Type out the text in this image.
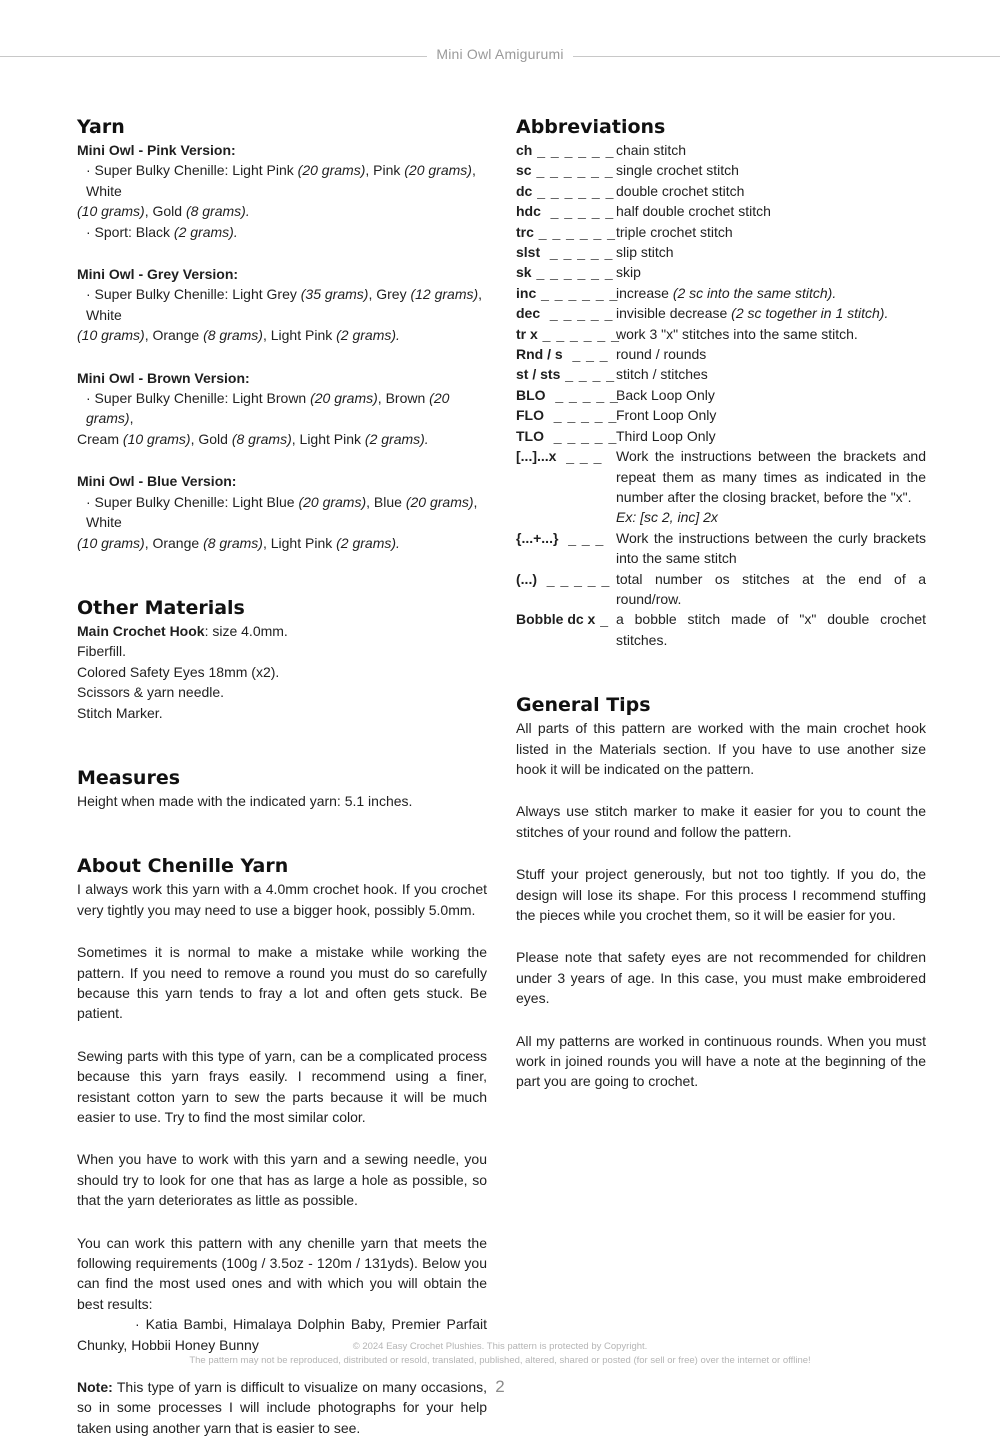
Mini Owl Amigurumi
Yarn

Mini Owl - Pink Version:

· Super Bulky Chenille: Light Pink (20 grams), Pink (20 grams), White

(10 grams), Gold (8 grams).

· Sport: Black (2 grams).

Mini Owl - Grey Version:

· Super Bulky Chenille: Light Grey (35 grams), Grey (12 grams), White

(10 grams), Orange (8 grams), Light Pink (2 grams).

Mini Owl - Brown Version:

· Super Bulky Chenille: Light Brown (20 grams), Brown (20 grams),

Cream (10 grams), Gold (8 grams), Light Pink (2 grams).

Mini Owl - Blue Version:

· Super Bulky Chenille: Light Blue (20 grams), Blue (20 grams), White

(10 grams), Orange (8 grams), Light Pink (2 grams).

Other Materials

Main Crochet Hook: size 4.0mm.

Fiberfill.

Colored Safety Eyes 18mm (x2).

Scissors & yarn needle.

Stitch Marker.

Measures

Height when made with the indicated yarn: 5.1 inches.

About Chenille Yarn

I always work this yarn with a 4.0mm crochet hook. If you crochet very tightly you may need to use a bigger hook, possibly 5.0mm.

Sometimes it is normal to make a mistake while working the pattern. If you need to remove a round you must do so carefully because this yarn tends to fray a lot and often gets stuck. Be patient.

Sewing parts with this type of yarn, can be a complicated process because this yarn frays easily. I recommend using a finer, resistant cotton yarn to sew the parts because it will be much easier to use. Try to find the most similar color.

When you have to work with this yarn and a sewing needle, you should try to look for one that has as large a hole as possible, so that the yarn deteriorates as little as possible.

You can work this pattern with any chenille yarn that meets the following requirements (100g / 3.5oz - 120m / 131yds). Below you can find the most used ones and with which you will obtain the best results:

· Katia Bambi, Himalaya Dolphin Baby, Premier Parfait Chunky, Hobbii Honey Bunny

Note: This type of yarn is difficult to visualize on many occasions, so in some processes I will include photographs for your help taken using another yarn that is easier to see.

Abbreviations
ch _ _ _ _ _ _
chain stitch
sc _ _ _ _ _ _
single crochet stitch
dc _ _ _ _ _ _
double crochet stitch
hdc  _ _ _ _ _
half double crochet stitch
trc _ _ _ _ _ _
triple crochet stitch
slst  _ _ _ _ _
slip stitch
sk _ _ _ _ _ _
skip
inc _ _ _ _ _ _
increase (2 sc into the same stitch).
dec  _ _ _ _ _
invisible decrease (2 sc together in 1 stitch).
tr x _ _ _ _ _ _
work 3 "x" stitches into the same stitch.
Rnd / s  _ _ _ round / rounds
st / sts _ _ _ _
stitch / stitches
BLO  _ _ _ _ _
Back Loop Only
FLO  _ _ _ _ _
Front Loop Only
TLO  _ _ _ _ _
Third Loop Only
[...]...x  _ _ _ Work the instructions between the brackets and repeat them as many times as indicated in the number after the closing bracket, before the "x".
Ex: [sc 2, inc] 2x
{...+...}  _ _ _ Work the instructions between the curly brackets into the same stitch
(...)  _ _ _ _ _ total number os stitches at the end of a round/row.
Bobble dc x _ a bobble stitch made of "x" double crochet stitches.
General Tips

All parts of this pattern are worked with the main crochet hook listed in the Materials section. If you have to use another size hook it will be indicated on the pattern.

Always use stitch marker to make it easier for you to count the stitches of your round and follow the pattern.

Stuff your project generously, but not too tightly. If you do, the design will lose its shape. For this process I recommend stuffing the pieces while you crochet them, so it will be easier for you.

Please note that safety eyes are not recommended for children under 3 years of age. In this case, you must make embroidered eyes.

All my patterns are worked in continuous rounds. When you must work in joined rounds you will have a note at the beginning of the part you are going to crochet.

© 2024 Easy Crochet Plushies. This pattern is protected by Copyright.
The pattern may not be reproduced, distributed or resold, translated, published, altered, shared or posted (for sell or free) over the internet or offline!
2
